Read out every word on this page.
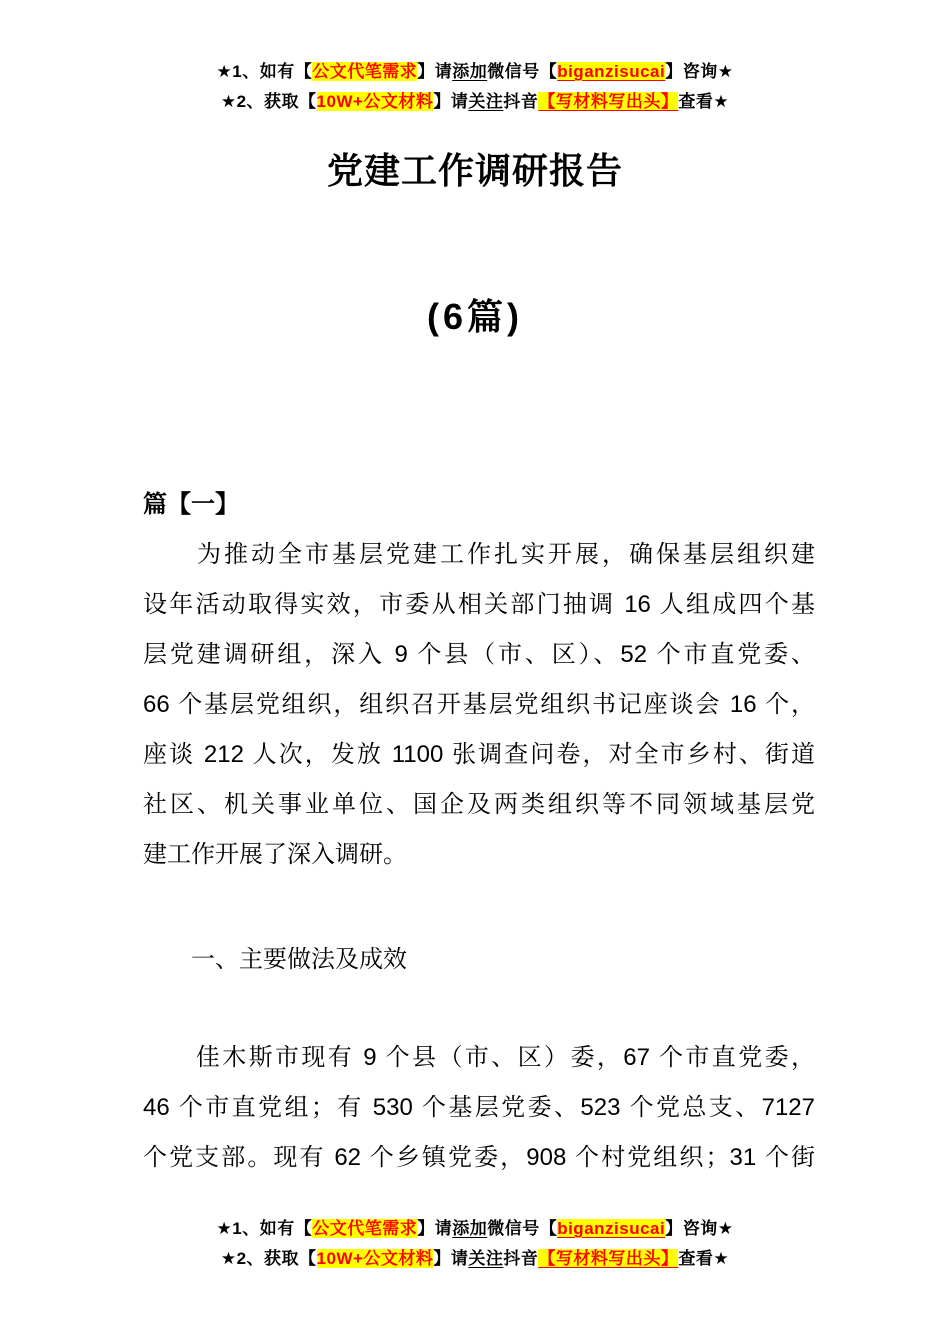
★1、如有【公文代笔需求】请添加微信号【biganzisucai】咨询★
★2、获取【10W+公文材料】请关注抖音【写材料写出头】查看★
党建工作调研报告
(6篇)
篇【一】
　　为推动全市基层党建工作扎实开展，确保基层组织建
设年活动取得实效，市委从相关部门抽调 16 人组成四个基
层党建调研组，深入 9 个县（市、区）、52 个市直党委、
66 个基层党组织，组织召开基层党组织书记座谈会 16 个，
座谈 212 人次，发放 1100 张调查问卷，对全市乡村、街道
社区、机关事业单位、国企及两类组织等不同领域基层党
建工作开展了深入调研。
　　一、主要做法及成效
　　佳木斯市现有 9 个县（市、区）委，67 个市直党委，
46 个市直党组；有 530 个基层党委、523 个党总支、7127
个党支部。现有 62 个乡镇党委，908 个村党组织；31 个街
★1、如有【公文代笔需求】请添加微信号【biganzisucai】咨询★
★2、获取【10W+公文材料】请关注抖音【写材料写出头】查看★
